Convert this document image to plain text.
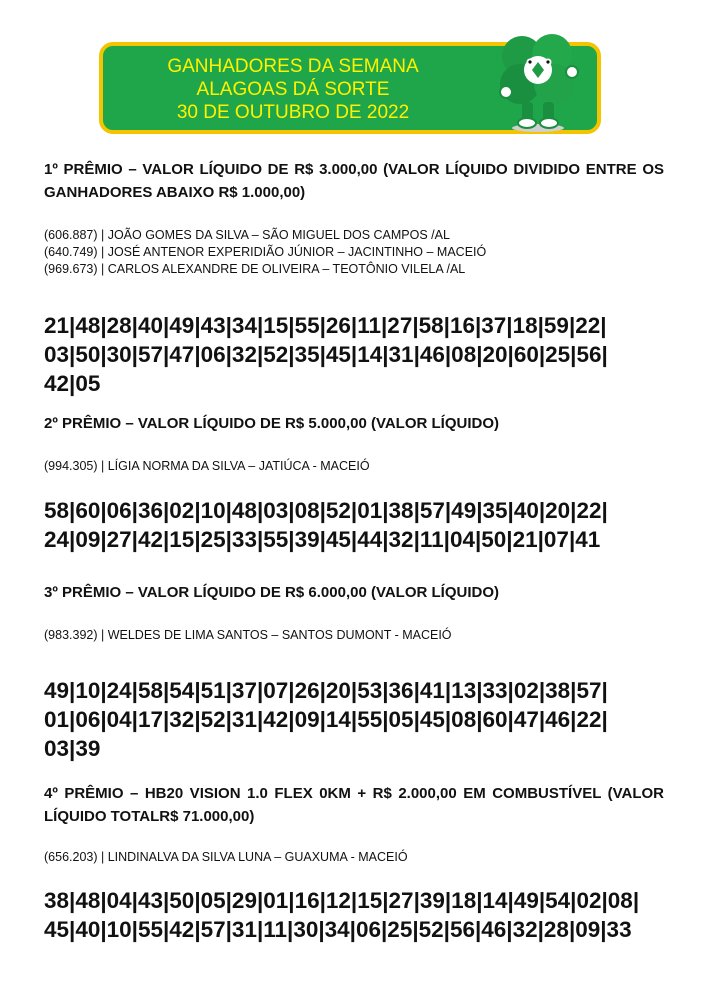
GANHADORES DA SEMANA
ALAGOAS DÁ SORTE
30 DE OUTUBRO DE 2022

1º PRÊMIO – VALOR LÍQUIDO DE R$ 3.000,00 (VALOR LÍQUIDO DIVIDIDO ENTRE OS GANHADORES ABAIXO R$ 1.000,00)

(606.887) | JOÃO GOMES DA SILVA – SÃO MIGUEL DOS CAMPOS /AL
(640.749) | JOSÉ ANTENOR EXPERIDIÃO JÚNIOR – JACINTINHO – MACEIÓ
(969.673) | CARLOS ALEXANDRE DE OLIVEIRA – TEOTÔNIO VILELA /AL

21|48|28|40|49|43|34|15|55|26|11|27|58|16|37|18|59|22|

03|50|30|57|47|06|32|52|35|45|14|31|46|08|20|60|25|56|

42|05

2º PRÊMIO – VALOR LÍQUIDO DE R$ 5.000,00 (VALOR LÍQUIDO)

(994.305) | LÍGIA NORMA DA SILVA – JATIÚCA - MACEIÓ

58|60|06|36|02|10|48|03|08|52|01|38|57|49|35|40|20|22|

24|09|27|42|15|25|33|55|39|45|44|32|11|04|50|21|07|41

3º PRÊMIO – VALOR LÍQUIDO DE R$ 6.000,00 (VALOR LÍQUIDO)

(983.392) | WELDES DE LIMA SANTOS – SANTOS DUMONT - MACEIÓ

49|10|24|58|54|51|37|07|26|20|53|36|41|13|33|02|38|57|

01|06|04|17|32|52|31|42|09|14|55|05|45|08|60|47|46|22|

03|39

4º PRÊMIO – HB20 VISION 1.0 FLEX 0KM + R$ 2.000,00 EM COMBUSTÍVEL (VALOR LÍQUIDO TOTALR$ 71.000,00)

(656.203) | LINDINALVA DA SILVA LUNA – GUAXUMA - MACEIÓ

38|48|04|43|50|05|29|01|16|12|15|27|39|18|14|49|54|02|08|

45|40|10|55|42|57|31|11|30|34|06|25|52|56|46|32|28|09|33
